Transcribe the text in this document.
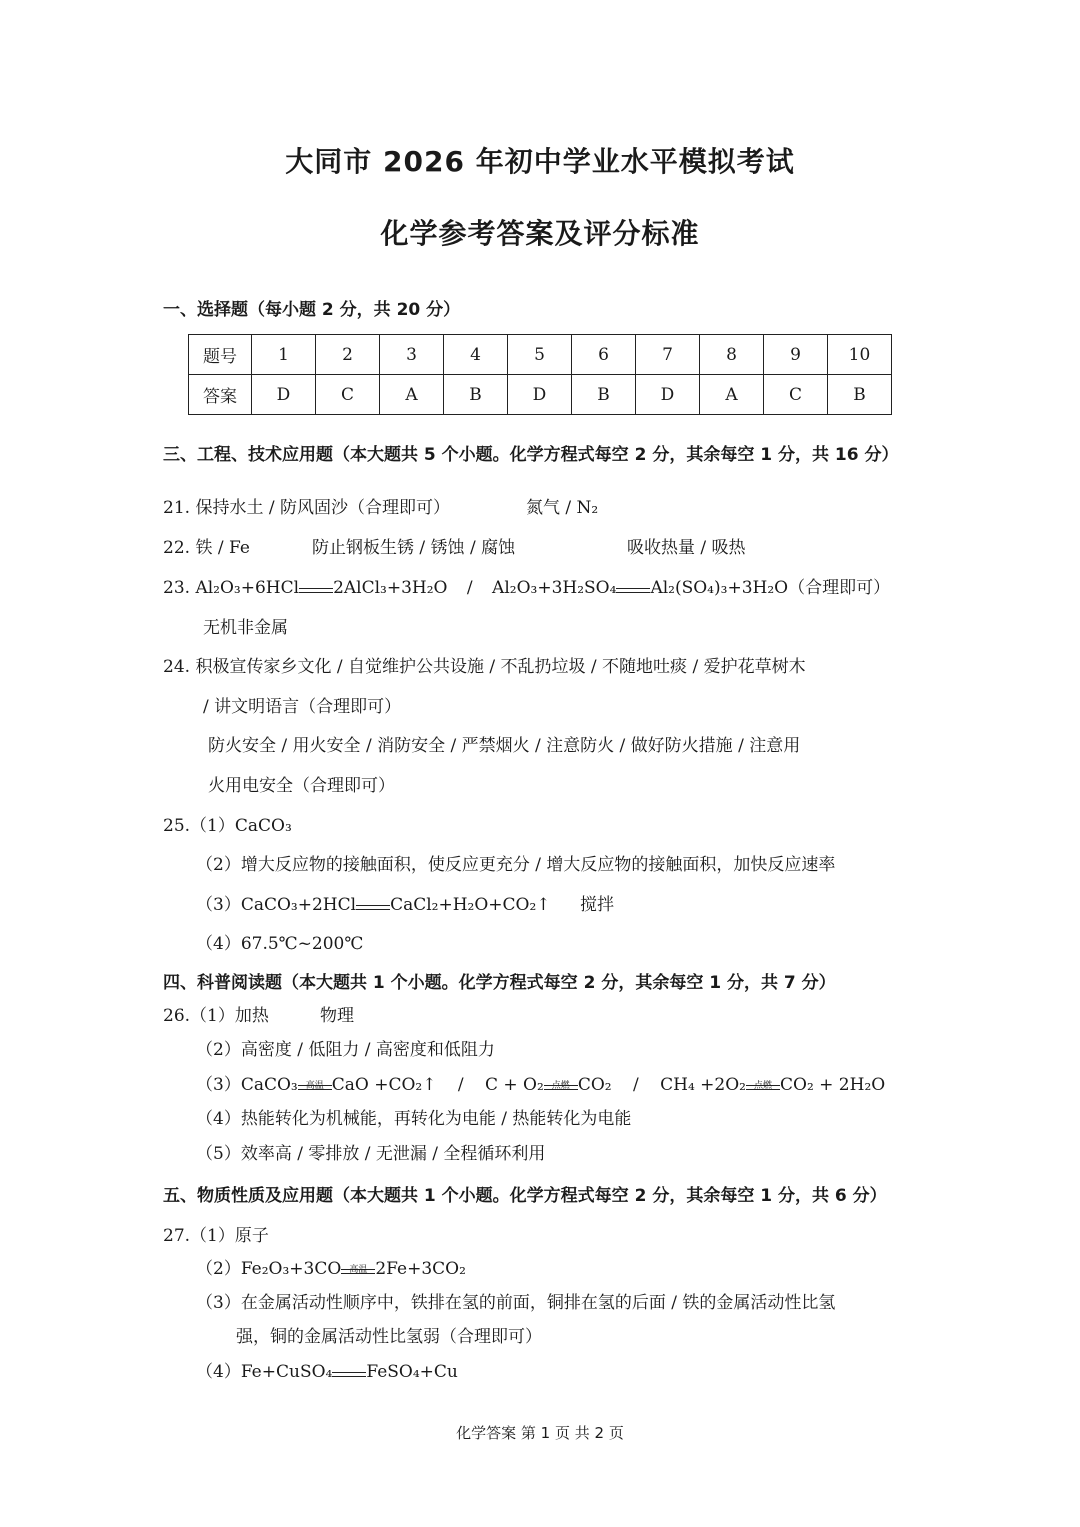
大同市 2026 年初中学业水平模拟考试
化学参考答案及评分标准
一、选择题（每小题 2 分，共 20 分）
题号	1	2	3	4	5	6	7	8	9	10
答案	D	C	A	B	D	B	D	A	C	B
三、工程、技术应用题（本大题共 5 个小题。化学方程式每空 2 分，其余每空 1 分，共 16 分）
21. 保持水土 / 防风固沙（合理即可）	氮气 / N₂
22. 铁 / Fe	防止钢板生锈 / 锈蚀 / 腐蚀	吸收热量 / 吸热
23. Al₂O₃+6HCl 2AlCl₃+3H₂O / Al₂O₃+3H₂SO₄ Al₂(SO₄)₃+3H₂O（合理即可）
无机非金属
24. 积极宣传家乡文化 / 自觉维护公共设施 / 不乱扔垃圾 / 不随地吐痰 / 爱护花草树木
/ 讲文明语言（合理即可）
防火安全 / 用火安全 / 消防安全 / 严禁烟火 / 注意防火 / 做好防火措施 / 注意用
火用电安全（合理即可）
25.（1）CaCO₃
（2）增大反应物的接触面积，使反应更充分 / 增大反应物的接触面积，加快反应速率
（3）CaCO₃+2HCl CaCl₂+H₂O+CO₂↑ 搅拌
（4）67.5℃~200℃
四、科普阅读题（本大题共 1 个小题。化学方程式每空 2 分，其余每空 1 分，共 7 分）
26.（1）加热	物理
（2）高密度 / 低阻力 / 高密度和低阻力
（3）CaCO₃ 高温 CaO +CO₂↑ / C + O₂ 点燃 CO₂ / CH₄ +2O₂ 点燃 CO₂ + 2H₂O
（4）热能转化为机械能，再转化为电能 / 热能转化为电能
（5）效率高 / 零排放 / 无泄漏 / 全程循环利用
五、物质性质及应用题（本大题共 1 个小题。化学方程式每空 2 分，其余每空 1 分，共 6 分）
27.（1）原子
（2）Fe₂O₃+3CO 高温 2Fe+3CO₂
（3）在金属活动性顺序中，铁排在氢的前面，铜排在氢的后面 / 铁的金属活动性比氢
强，铜的金属活动性比氢弱（合理即可）
（4）Fe+CuSO₄ FeSO₄+Cu
化学答案 第 1 页 共 2 页
